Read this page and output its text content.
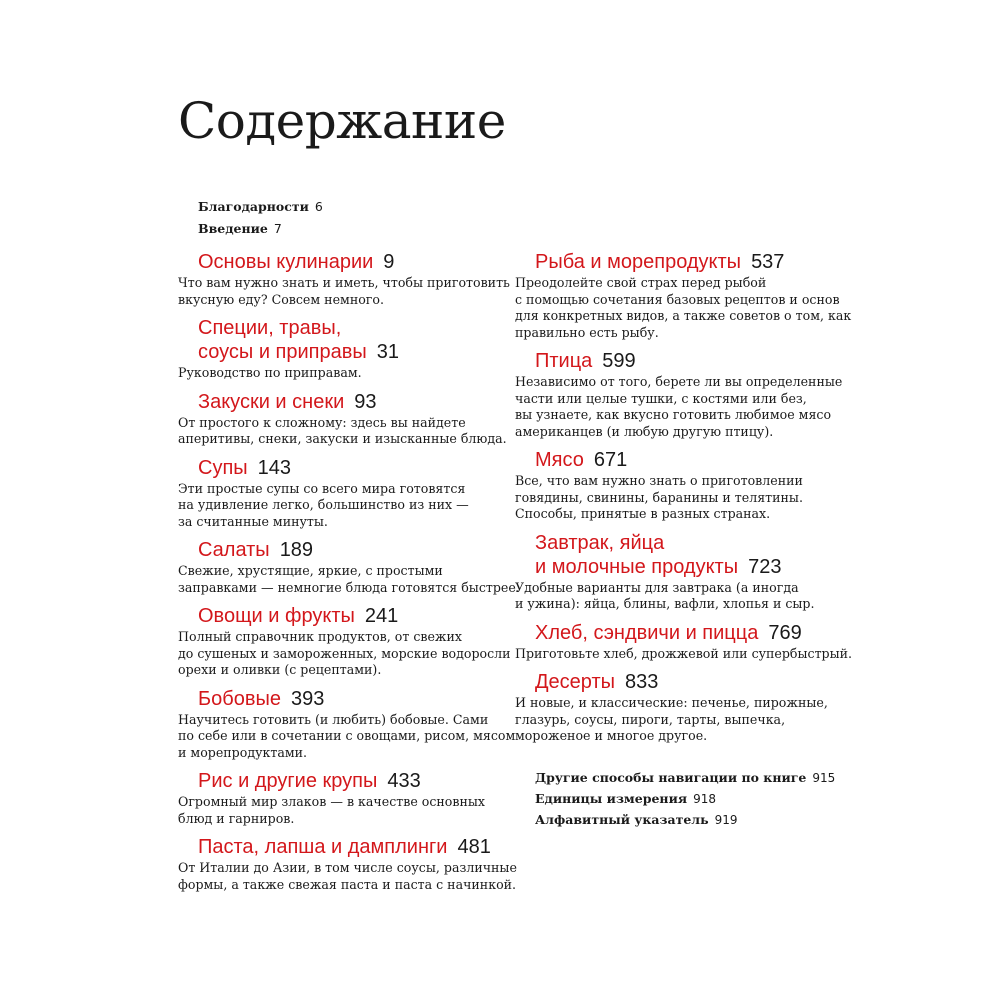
Содержание
Благодарности 6
Введение 7
Основы кулинарии 9
Что вам нужно знать и иметь, чтобы приготовить
вкусную еду? Совсем немного.
Специи, травы,
соусы и приправы 31
Руководство по приправам.
Закуски и снеки 93
От простого к сложному: здесь вы найдете
аперитивы, снеки, закуски и изысканные блюда.
Супы 143
Эти простые супы со всего мира готовятся
на удивление легко, большинство из них —
за считанные минуты.
Салаты 189
Свежие, хрустящие, яркие, с простыми
заправками — немногие блюда готовятся быстрее.
Овощи и фрукты 241
Полный справочник продуктов, от свежих
до сушеных и замороженных, морские водоросли
орехи и оливки (с рецептами).
Бобовые 393
Научитесь готовить (и любить) бобовые. Сами
по себе или в сочетании с овощами, рисом, мясом
и морепродуктами.
Рис и другие крупы 433
Огромный мир злаков — в качестве основных
блюд и гарниров.
Паста, лапша и дамплинги 481
От Италии до Азии, в том числе соусы, различные
формы, а также свежая паста и паста с начинкой.
Рыба и морепродукты 537
Преодолейте свой страх перед рыбой
с помощью сочетания базовых рецептов и основ
для конкретных видов, а также советов о том, как
правильно есть рыбу.
Птица 599
Независимо от того, берете ли вы определенные
части или целые тушки, с костями или без,
вы узнаете, как вкусно готовить любимое мясо
американцев (и любую другую птицу).
Мясо 671
Все, что вам нужно знать о приготовлении
говядины, свинины, баранины и телятины.
Способы, принятые в разных странах.
Завтрак, яйца
и молочные продукты 723
Удобные варианты для завтрака (а иногда
и ужина): яйца, блины, вафли, хлопья и сыр.
Хлеб, сэндвичи и пицца 769
Приготовьте хлеб, дрожжевой или супербыстрый.
Десерты 833
И новые, и классические: печенье, пирожные,
глазурь, соусы, пироги, тарты, выпечка,
мороженое и многое другое.
Другие способы навигации по книге 915
Единицы измерения 918
Алфавитный указатель 919
